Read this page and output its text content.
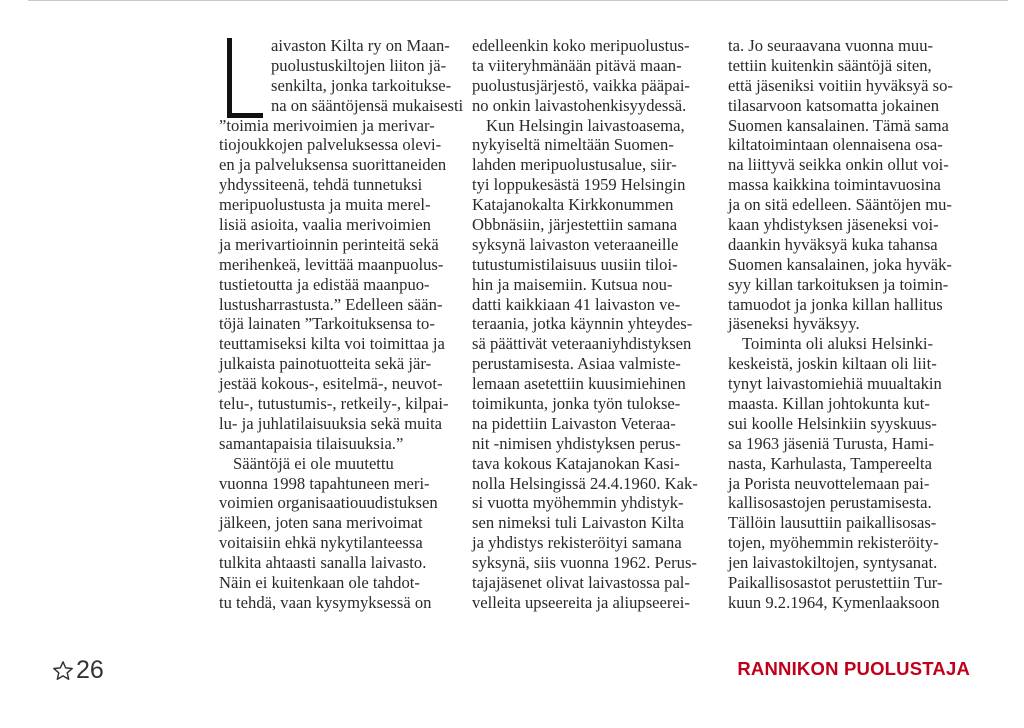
aivaston Kilta ry on Maan-
puolustuskiltojen liiton jä-
senkilta, jonka tarkoitukse-
na on sääntöjensä mukaisesti
”toimia merivoimien ja merivar-
tiojoukkojen palveluksessa olevi-
en ja palveluksensa suorittaneiden
yhdyssiteenä, tehdä tunnetuksi
meripuolustusta ja muita merel-
lisiä asioita, vaalia merivoimien
ja merivartioinnin perinteitä sekä
merihenkeä, levittää maanpuolus-
tustietoutta ja edistää maanpuo-
lustusharrastusta.” Edelleen sään-
töjä lainaten ”Tarkoituksensa to-
teuttamiseksi kilta voi toimittaa ja
julkaista painotuotteita sekä jär-
jestää kokous-, esitelmä-, neuvot-
telu-, tutustumis-, retkeily-, kilpai-
lu- ja juhlatilaisuuksia sekä muita
samantapaisia tilaisuuksia.”
Sääntöjä ei ole muutettu
vuonna 1998 tapahtuneen meri-
voimien organisaatiouudistuksen
jälkeen, joten sana merivoimat
voitaisiin ehkä nykytilanteessa
tulkita ahtaasti sanalla laivasto.
Näin ei kuitenkaan ole tahdot-
tu tehdä, vaan kysymyksessä on
edelleenkin koko meripuolustus-
ta viiteryhmänään pitävä maan-
puolustusjärjestö, vaikka pääpai-
no onkin laivastohenkisyydessä.
Kun Helsingin laivastoasema,
nykyiseltä nimeltään Suomen-
lahden meripuolustusalue, siir-
tyi loppukesästä 1959 Helsingin
Katajanokalta Kirkkonummen
Obbnäsiin, järjestettiin samana
syksynä laivaston veteraaneille
tutustumistilaisuus uusiin tiloi-
hin ja maisemiin. Kutsua nou-
datti kaikkiaan 41 laivaston ve-
teraania, jotka käynnin yhteydes-
sä päättivät veteraaniyhdistyksen
perustamisesta. Asiaa valmiste-
lemaan asetettiin kuusimiehinen
toimikunta, jonka työn tulokse-
na pidettiin Laivaston Veteraa-
nit -nimisen yhdistyksen perus-
tava kokous Katajanokan Kasi-
nolla Helsingissä 24.4.1960. Kak-
si vuotta myöhemmin yhdistyk-
sen nimeksi tuli Laivaston Kilta
ja yhdistys rekisteröityi samana
syksynä, siis vuonna 1962. Perus-
tajajäsenet olivat laivastossa pal-
velleita upseereita ja aliupseerei-
ta. Jo seuraavana vuonna muu-
tettiin kuitenkin sääntöjä siten,
että jäseniksi voitiin hyväksyä so-
tilasarvoon katsomatta jokainen
Suomen kansalainen. Tämä sama
kiltatoimintaan olennaisena osa-
na liittyvä seikka onkin ollut voi-
massa kaikkina toimintavuosina
ja on sitä edelleen. Sääntöjen mu-
kaan yhdistyksen jäseneksi voi-
daankin hyväksyä kuka tahansa
Suomen kansalainen, joka hyväk-
syy killan tarkoituksen ja toimin-
tamuodot ja jonka killan hallitus
jäseneksi hyväksyy.
Toiminta oli aluksi Helsinki-
keskeistä, joskin kiltaan oli liit-
tynyt laivastomiehiä muualtakin
maasta. Killan johtokunta kut-
sui koolle Helsinkiin syyskuus-
sa 1963 jäseniä Turusta, Hami-
nasta, Karhulasta, Tampereelta
ja Porista neuvottelemaan pai-
kallisosastojen perustamisesta.
Tällöin lausuttiin paikallisosas-
tojen, myöhemmin rekisteröity-
jen laivastokiltojen, syntysanat.
Paikallisosastot perustettiin Tur-
kuun 9.2.1964, Kymenlaaksoon
26	RANNIKON PUOLUSTAJA
